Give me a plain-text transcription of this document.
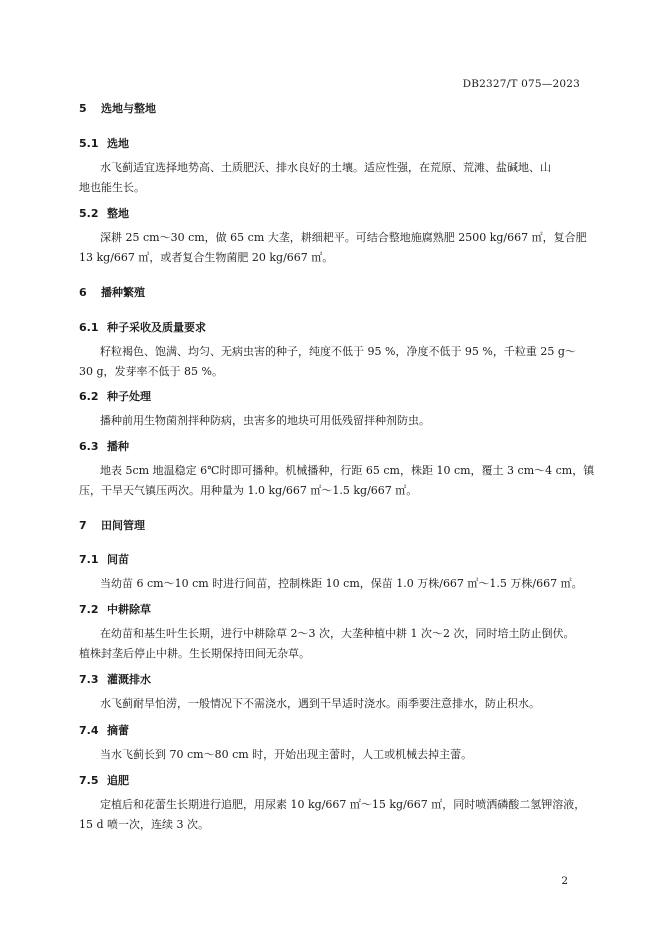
DB2327/T 075—2023
5 选地与整地
5.1 选地
水飞蓟适宜选择地势高、土质肥沃、排水良好的土壤。适应性强，在荒原、荒滩、盐碱地、山
地也能生长。
5.2 整地
深耕 25 cm～30 cm，做 65 cm 大垄，耕细耙平。可结合整地施腐熟肥 2500 kg/667 ㎡，复合肥
13 kg/667 ㎡，或者复合生物菌肥 20 kg/667 ㎡。
6 播种繁殖
6.1 种子采收及质量要求
籽粒褐色、饱满、均匀、无病虫害的种子，纯度不低于 95 %，净度不低于 95 %，千粒重 25 g～
30 g，发芽率不低于 85 %。
6.2 种子处理
播种前用生物菌剂拌种防病，虫害多的地块可用低残留拌种剂防虫。
6.3 播种
地表 5cm 地温稳定 6℃时即可播种。机械播种，行距 65 cm，株距 10 cm，覆土 3 cm～4 cm，镇
压，干旱天气镇压两次。用种量为 1.0 kg/667 ㎡～1.5 kg/667 ㎡。
7 田间管理
7.1 间苗
当幼苗 6 cm～10 cm 时进行间苗，控制株距 10 cm，保苗 1.0 万株/667 ㎡～1.5 万株/667 ㎡。
7.2 中耕除草
在幼苗和基生叶生长期，进行中耕除草 2～3 次，大垄种植中耕 1 次～2 次，同时培土防止倒伏。
植株封垄后停止中耕。生长期保持田间无杂草。
7.3 灌溉排水
水飞蓟耐旱怕涝，一般情况下不需浇水，遇到干旱适时浇水。雨季要注意排水，防止积水。
7.4 摘蕾
当水飞蓟长到 70 cm～80 cm 时，开始出现主蕾时，人工或机械去掉主蕾。
7.5 追肥
定植后和花蕾生长期进行追肥，用尿素 10 kg/667 ㎡～15 kg/667 ㎡，同时喷洒磷酸二氢钾溶液，
15 d 喷一次，连续 3 次。
2
